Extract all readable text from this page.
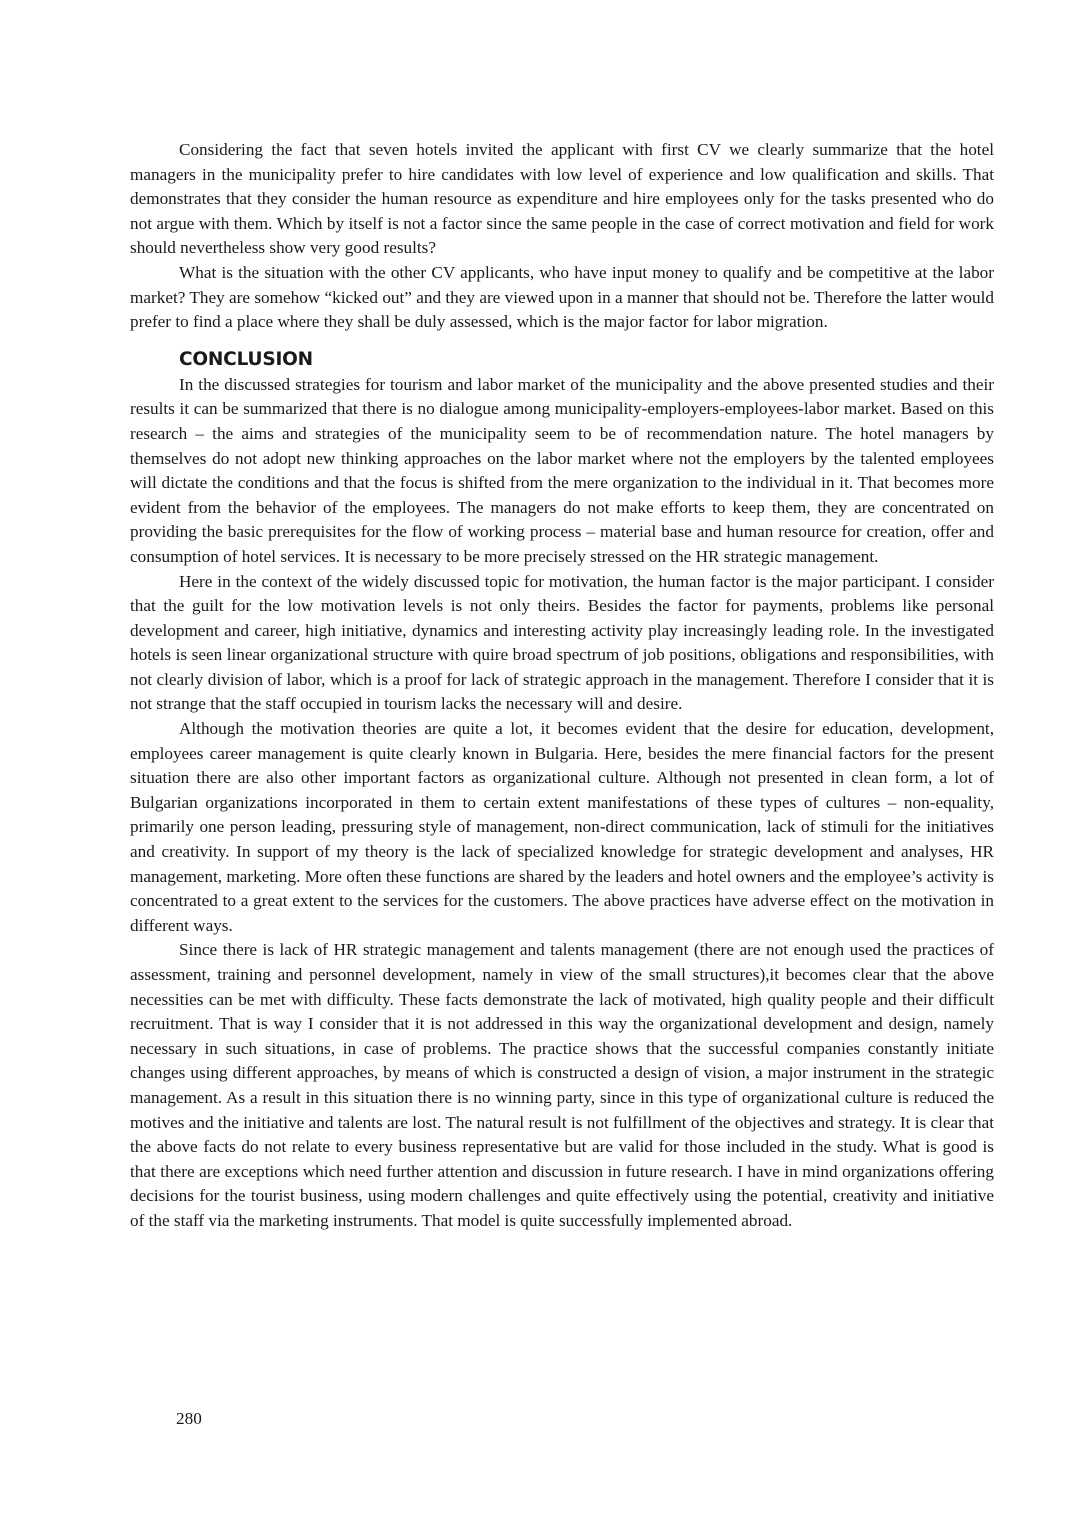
Considering the fact that seven hotels invited the applicant with first CV we clearly summarize that the hotel managers in the municipality prefer to hire candidates with low level of experience and low qualification and skills. That demonstrates that they consider the human resource as expenditure and hire employees only for the tasks presented who do not argue with them. Which by itself is not a factor since the same people in the case of correct motivation and field for work should nevertheless show very good results?

What is the situation with the other CV applicants, who have input money to qualify and be competitive at the labor market? They are somehow “kicked out” and they are viewed upon in a manner that should not be. Therefore the latter would prefer to find a place where they shall be duly assessed, which is the major factor for labor migration.

CONCLUSION

In the discussed strategies for tourism and labor market of the municipality and the above presented studies and their results it can be summarized that there is no dialogue among municipality-employers-employees-labor market. Based on this research – the aims and strategies of the municipality seem to be of recommendation nature. The hotel managers by themselves do not adopt new thinking approaches on the labor market where not the employers by the talented employees will dictate the conditions and that the focus is shifted from the mere organization to the individual in it. That becomes more evident from the behavior of the employees. The managers do not make efforts to keep them, they are concentrated on providing the basic prerequisites for the flow of working process – material base and human resource for creation, offer and consumption of hotel services. It is necessary to be more precisely stressed on the HR strategic management.

Here in the context of the widely discussed topic for motivation, the human factor is the major participant. I consider that the guilt for the low motivation levels is not only theirs. Besides the factor for payments, problems like personal development and career, high initiative, dynamics and interesting activity play increasingly leading role. In the investigated hotels is seen linear organizational structure with quire broad spectrum of job positions, obligations and responsibilities, with not clearly division of labor, which is a proof for lack of strategic approach in the management. Therefore I consider that it is not strange that the staff occupied in tourism lacks the necessary will and desire.

Although the motivation theories are quite a lot, it becomes evident that the desire for education, development, employees career management is quite clearly known in Bulgaria. Here, besides the mere financial factors for the present situation there are also other important factors as organizational culture. Although not presented in clean form, a lot of Bulgarian organizations incorporated in them to certain extent manifestations of these types of cultures – non-equality, primarily one person leading, pressuring style of management, non-direct communication, lack of stimuli for the initiatives and creativity. In support of my theory is the lack of specialized knowledge for strategic development and analyses, HR management, marketing. More often these functions are shared by the leaders and hotel owners and the employee’s activity is concentrated to a great extent to the services for the customers. The above practices have adverse effect on the motivation in different ways.

Since there is lack of HR strategic management and talents management (there are not enough used the practices of assessment, training and personnel development, namely in view of the small structures),it becomes clear that the above necessities can be met with difficulty. These facts demonstrate the lack of motivated, high quality people and their difficult recruitment. That is way I consider that it is not addressed in this way the organizational development and design, namely necessary in such situations, in case of problems. The practice shows that the successful companies constantly initiate changes using different approaches, by means of which is constructed a design of vision, a major instrument in the strategic management. As a result in this situation there is no winning party, since in this type of organizational culture is reduced the motives and the initiative and talents are lost. The natural result is not fulfillment of the objectives and strategy. It is clear that the above facts do not relate to every business representative but are valid for those included in the study. What is good is that there are exceptions which need further attention and discussion in future research. I have in mind organizations offering decisions for the tourist business, using modern challenges and quite effectively using the potential, creativity and initiative of the staff via the marketing instruments. That model is quite successfully implemented abroad.

280
